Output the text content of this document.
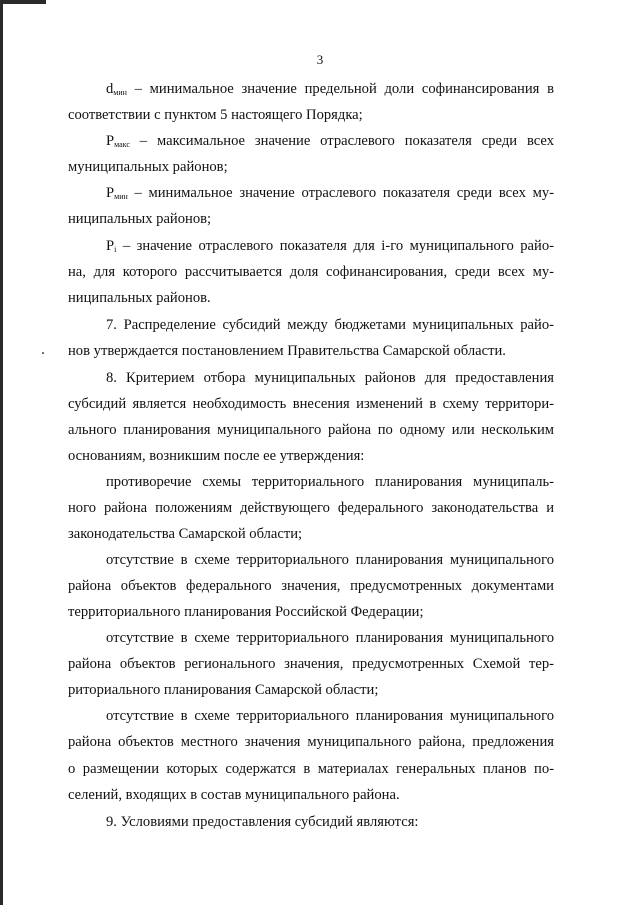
3
$d_{мин}$ – минимальное значение предельной доли софинансирования в
соответствии с пунктом 5 настоящего Порядка;
$P_{макс}$ – максимальное значение отраслевого показателя среди всех
муниципальных районов;
$P_{мин}$ – минимальное значение отраслевого показателя среди всех му-
ниципальных районов;
$P_i$ – значение отраслевого показателя для i-го муниципального райо-
на, для которого рассчитывается доля софинансирования, среди всех му-
ниципальных районов.
7. Распределение субсидий между бюджетами муниципальных райо-
нов утверждается постановлением Правительства Самарской области.
8. Критерием отбора муниципальных районов для предоставления
субсидий является необходимость внесения изменений в схему территори-
ального планирования муниципального района по одному или нескольким
основаниям, возникшим после ее утверждения:
противоречие схемы территориального планирования муниципаль-
ного района положениям действующего федерального законодательства и
законодательства Самарской области;
отсутствие в схеме территориального планирования муниципального
района объектов федерального значения, предусмотренных документами
территориального планирования Российской Федерации;
отсутствие в схеме территориального планирования муниципального
района объектов регионального значения, предусмотренных Схемой тер-
риториального планирования Самарской области;
отсутствие в схеме территориального планирования муниципального
района объектов местного значения муниципального района, предложения
о размещении которых содержатся в материалах генеральных планов по-
селений, входящих в состав муниципального района.
9. Условиями предоставления субсидий являются:
